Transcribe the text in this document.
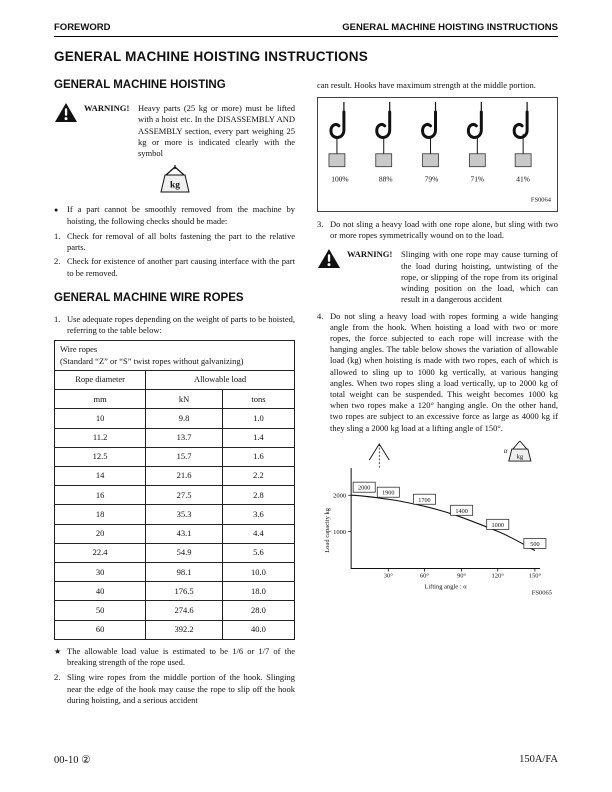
FOREWORD	GENERAL MACHINE HOISTING INSTRUCTIONS
GENERAL MACHINE HOISTING INSTRUCTIONS
GENERAL MACHINE HOISTING
WARNING!	Heavy parts (25 kg or more) must be lifted with a hoist etc. In the DISASSEMBLY AND ASSEMBLY section, every part weighing 25 kg or more is indicated clearly with the symbol
kg
●	If a part cannot be smoothly removed from the machine by hoisting, the following checks should be made:
1. Check for removal of all bolts fastening the part to the relative parts.
2. Check for existence of another part causing interface with the part to be removed.
GENERAL MACHINE WIRE ROPES
1. Use adequate ropes depending on the weight of parts to be hoisted, referring to the table below:
Wire ropes
(Standard “Z” or “S” twist ropes without galvanizing)		

Rope diameter	Allowable load	
mm	kN	tons
10	9.8	1.0
11.2	13.7	1.4
12.5	15.7	1.6
14	21.6	2.2
16	27.5	2.8
18	35.3	3.6
20	43.1	4.4
22.4	54.9	5.6
30	98.1	10.0
40	176.5	18.0
50	274.6	28.0
60	392.2	40.0
★ The allowable load value is estimated to be 1/6 or 1/7 of the breaking strength of the rope used.
2. Sling wire ropes from the middle portion of the hook. Slinging near the edge of the hook may cause the rope to slip off the hook during hoisting, and a serious accident

can result. Hooks have maximum strength at the middle portion.

100%	88%	79%	71%	41%
FS0064
3. Do not sling a heavy load with one rope alone, but sling with two or more ropes symmetrically wound on to the load.
WARNING!	Slinging with one rope may cause turning of the load during hoisting, untwisting of the rope, or slipping of the rope from its original winding position on the load, which can result in a dangerous accident
4. Do not sling a heavy load with ropes forming a wide hanging angle from the hook. When hoisting a load with two or more ropes, the force subjected to each rope will increase with the hanging angles. The table below shows the variation of allowable load (kg) when hoisting is made with two ropes, each of which is allowed to sling up to 1000 kg vertically, at various hanging angles. When two ropes sling a load vertically, up to 2000 kg of total weight can be suspended. This weight becomes 1000 kg when two ropes make a 120° hanging angle. On the other hand, two ropes are subject to an excessive force as large as 4000 kg if they sling a 2000 kg load at a lifting angle of 150°.
kg
α
2000
1000
Load capacity kg
2000
1900
1700
1400
1000
500
30°	60°	90°	120°	150°
Lifting angle : α
FS0065
00-10 ②	150A/FA
